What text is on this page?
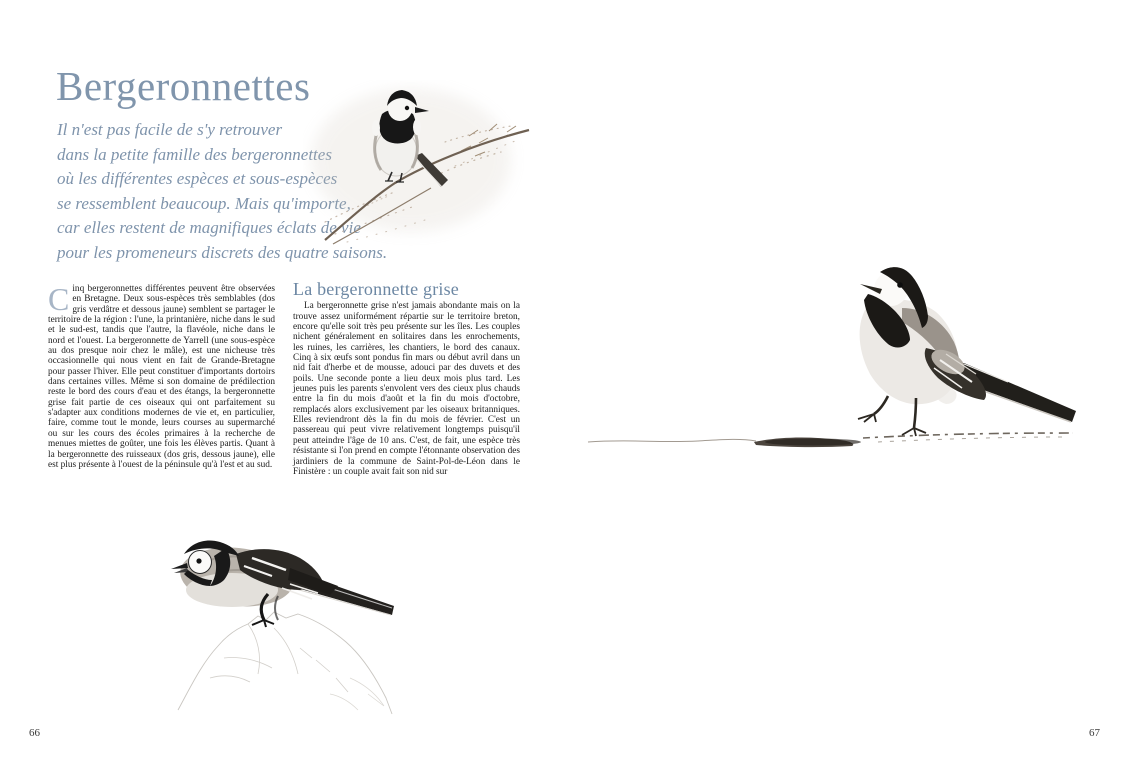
Bergeronnettes
Il n'est pas facile de s'y retrouver
dans la petite famille des bergeronnettes
où les différentes espèces et sous-espèces
se ressemblent beaucoup. Mais qu'importe,
car elles restent de magnifiques éclats de vie
pour les promeneurs discrets des quatre saisons.

Cinq bergeronnettes différentes peuvent être observées en Bretagne. Deux sous-espèces très semblables (dos gris verdâtre et dessous jaune) semblent se partager le territoire de la région : l'une, la printanière, niche dans le sud et le sud-est, tandis que l'autre, la flavéole, niche dans le nord et l'ouest. La bergeronnette de Yarrell (une sous-espèce au dos presque noir chez le mâle), est une nicheuse très occasionnelle qui nous vient en fait de Grande-Bretagne pour passer l'hiver. Elle peut constituer d'importants dortoirs dans certaines villes. Même si son domaine de prédilection reste le bord des cours d'eau et des étangs, la bergeronnette grise fait partie de ces oiseaux qui ont parfaitement su s'adapter aux conditions modernes de vie et, en particulier, faire, comme tout le monde, leurs courses au supermarché ou sur les cours des écoles primaires à la recherche de menues miettes de goûter, une fois les élèves partis. Quant à la bergeronnette des ruisseaux (dos gris, dessous jaune), elle est plus présente à l'ouest de la péninsule qu'à l'est et au sud.

La bergeronnette grise

La bergeronnette grise n'est jamais abondante mais on la trouve assez uniformément répartie sur le territoire breton, encore qu'elle soit très peu présente sur les îles. Les couples nichent généralement en solitaires dans les enrochements, les ruines, les carrières, les chantiers, le bord des canaux. Cinq à six œufs sont pondus fin mars ou début avril dans un nid fait d'herbe et de mousse, adouci par des duvets et des poils. Une seconde ponte a lieu deux mois plus tard. Les jeunes puis les parents s'envolent vers des cieux plus chauds entre la fin du mois d'août et la fin du mois d'octobre, remplacés alors exclusivement par les oiseaux britanniques. Elles reviendront dès la fin du mois de février. C'est un passereau qui peut vivre relativement longtemps puisqu'il peut atteindre l'âge de 10 ans. C'est, de fait, une espèce très résistante si l'on prend en compte l'étonnante observation des jardiniers de la commune de Saint-Pol-de-Léon dans le Finistère : un couple avait fait son nid sur

66	67
